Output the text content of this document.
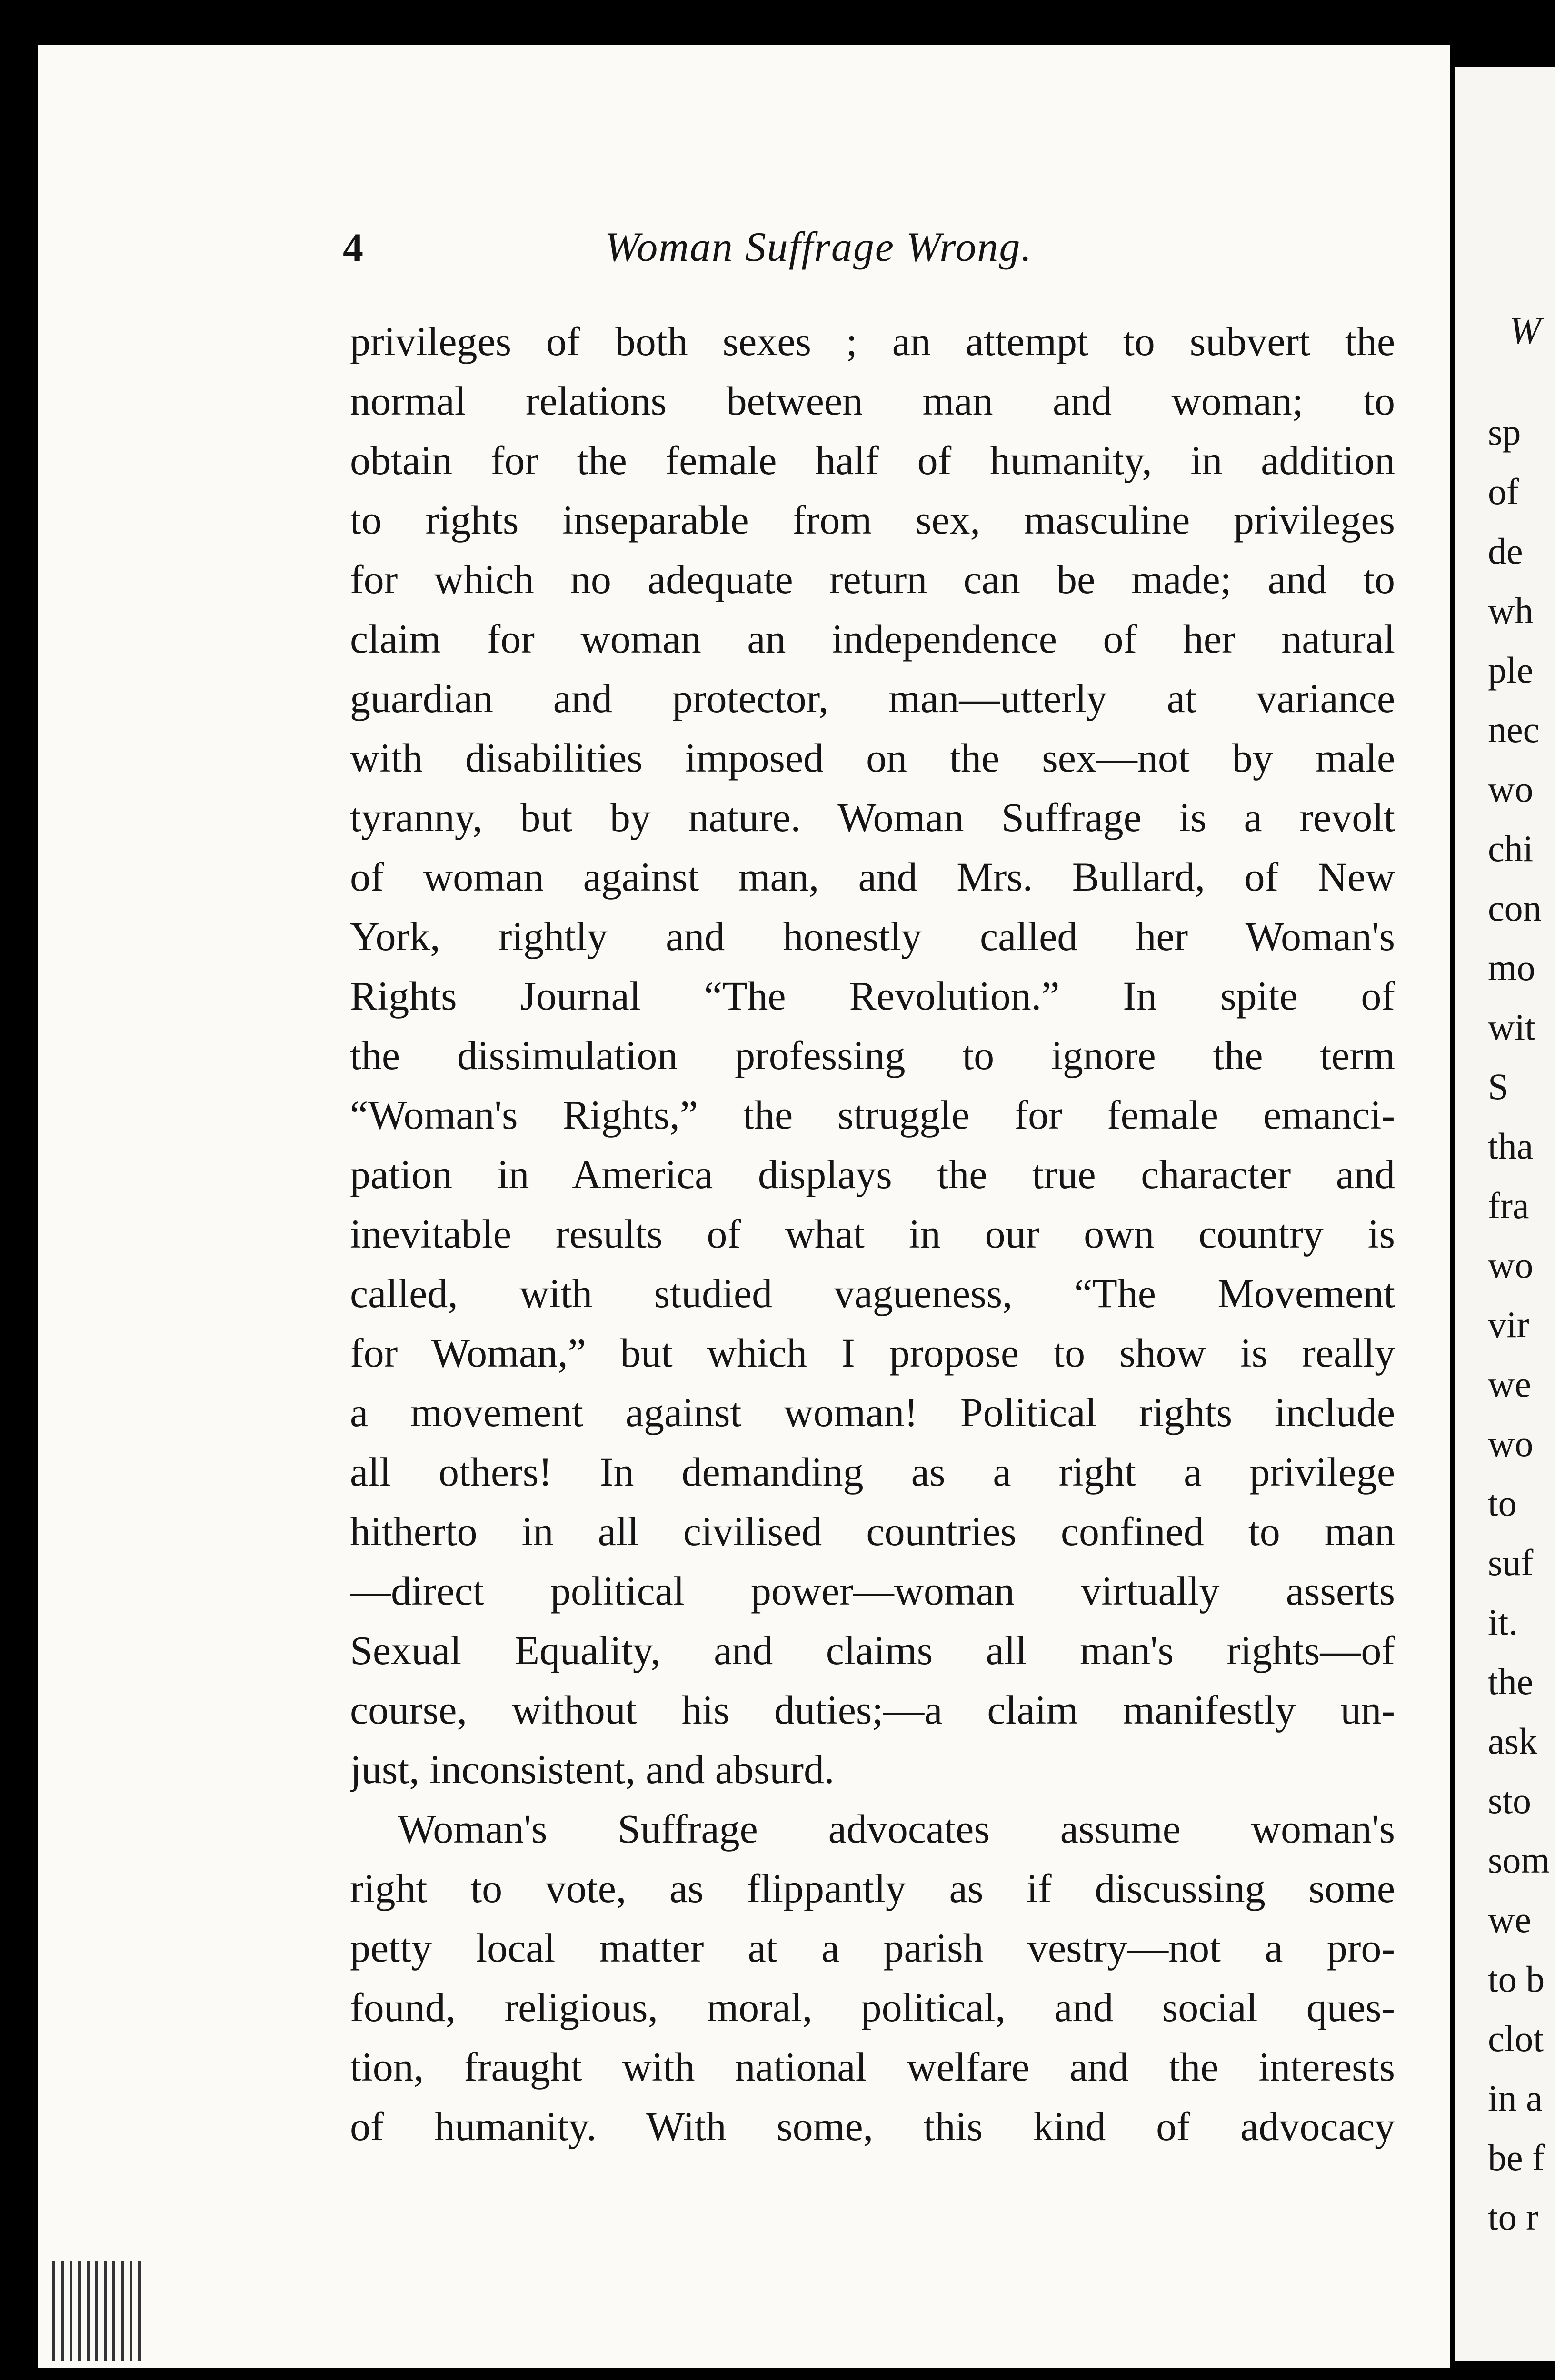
W
sp
of
de
wh
ple
nec
wo
chi
con
mo
wit
S
tha
fra
wo
vir
we
wo
to
suf
it.
the
ask
sto
som
we
to b
clot
in a
be f
to r
4	Woman Suffrage Wrong.
privileges of both sexes ; an attempt to subvert the
normal relations between man and woman; to
obtain for the female half of humanity, in addition
to rights inseparable from sex, masculine privileges
for which no adequate return can be made; and to
claim for woman an independence of her natural
guardian and protector, man—utterly at variance
with disabilities imposed on the sex—not by male
tyranny, but by nature. Woman Suffrage is a revolt
of woman against man, and Mrs. Bullard, of New
York, rightly and honestly called her Woman's
Rights Journal “The Revolution.” In spite of
the dissimulation professing to ignore the term
“Woman's Rights,” the struggle for female emanci-
pation in America displays the true character and
inevitable results of what in our own country is
called, with studied vagueness, “The Movement
for Woman,” but which I propose to show is really
a movement against woman! Political rights include
all others! In demanding as a right a privilege
hitherto in all civilised countries confined to man
—direct political power—woman virtually asserts
Sexual Equality, and claims all man's rights—of
course, without his duties;—a claim manifestly un-
just, inconsistent, and absurd.
Woman's Suffrage advocates assume woman's
right to vote, as flippantly as if discussing some
petty local matter at a parish vestry—not a pro-
found, religious, moral, political, and social ques-
tion, fraught with national welfare and the interests
of humanity. With some, this kind of advocacy
